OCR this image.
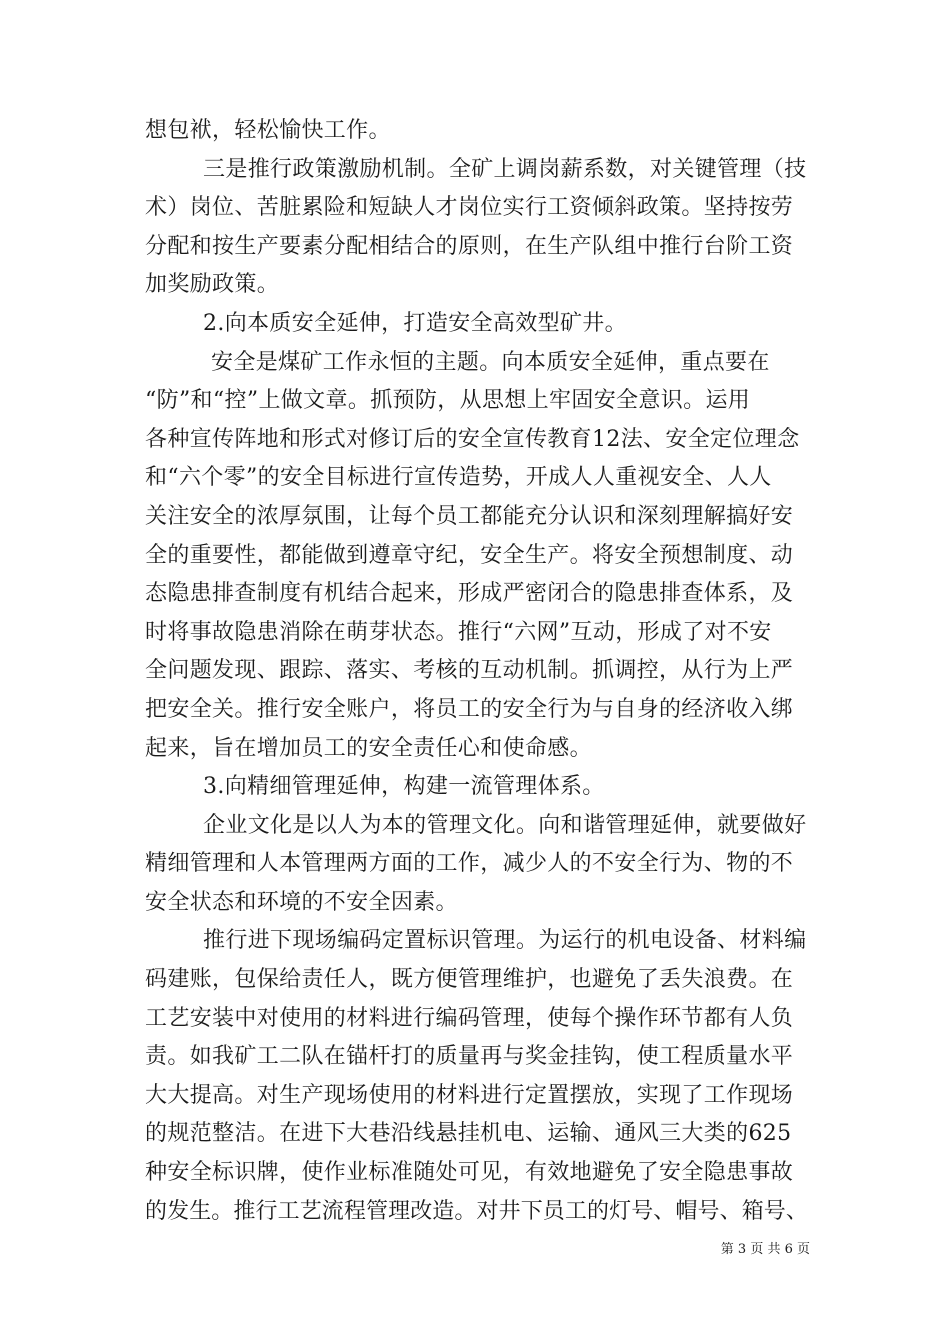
想包袱，轻松愉快工作。
三是推行政策激励机制。全矿上调岗薪系数，对关键管理（技
术）岗位、苦脏累险和短缺人才岗位实行工资倾斜政策。坚持按劳
分配和按生产要素分配相结合的原则，在生产队组中推行台阶工资
加奖励政策。
2.向本质安全延伸，打造安全高效型矿井。
安全是煤矿工作永恒的主题。向本质安全延伸，重点要在
“防”和“控”上做文章。抓预防，从思想上牢固安全意识。运用
各种宣传阵地和形式对修订后的安全宣传教育12法、安全定位理念
和“六个零”的安全目标进行宣传造势，开成人人重视安全、人人
关注安全的浓厚氛围，让每个员工都能充分认识和深刻理解搞好安
全的重要性，都能做到遵章守纪，安全生产。将安全预想制度、动
态隐患排查制度有机结合起来，形成严密闭合的隐患排查体系，及
时将事故隐患消除在萌芽状态。推行“六网”互动，形成了对不安
全问题发现、跟踪、落实、考核的互动机制。抓调控，从行为上严
把安全关。推行安全账户，将员工的安全行为与自身的经济收入绑
起来，旨在增加员工的安全责任心和使命感。
3.向精细管理延伸，构建一流管理体系。
企业文化是以人为本的管理文化。向和谐管理延伸，就要做好
精细管理和人本管理两方面的工作，减少人的不安全行为、物的不
安全状态和环境的不安全因素。
推行进下现场编码定置标识管理。为运行的机电设备、材料编
码建账，包保给责任人，既方便管理维护，也避免了丢失浪费。在
工艺安装中对使用的材料进行编码管理，使每个操作环节都有人负
责。如我矿工二队在锚杆打的质量再与奖金挂钩，使工程质量水平
大大提高。对生产现场使用的材料进行定置摆放，实现了工作现场
的规范整洁。在进下大巷沿线悬挂机电、运输、通风三大类的625
种安全标识牌，使作业标准随处可见，有效地避免了安全隐患事故
的发生。推行工艺流程管理改造。对井下员工的灯号、帽号、箱号、
第 3 页 共 6 页
